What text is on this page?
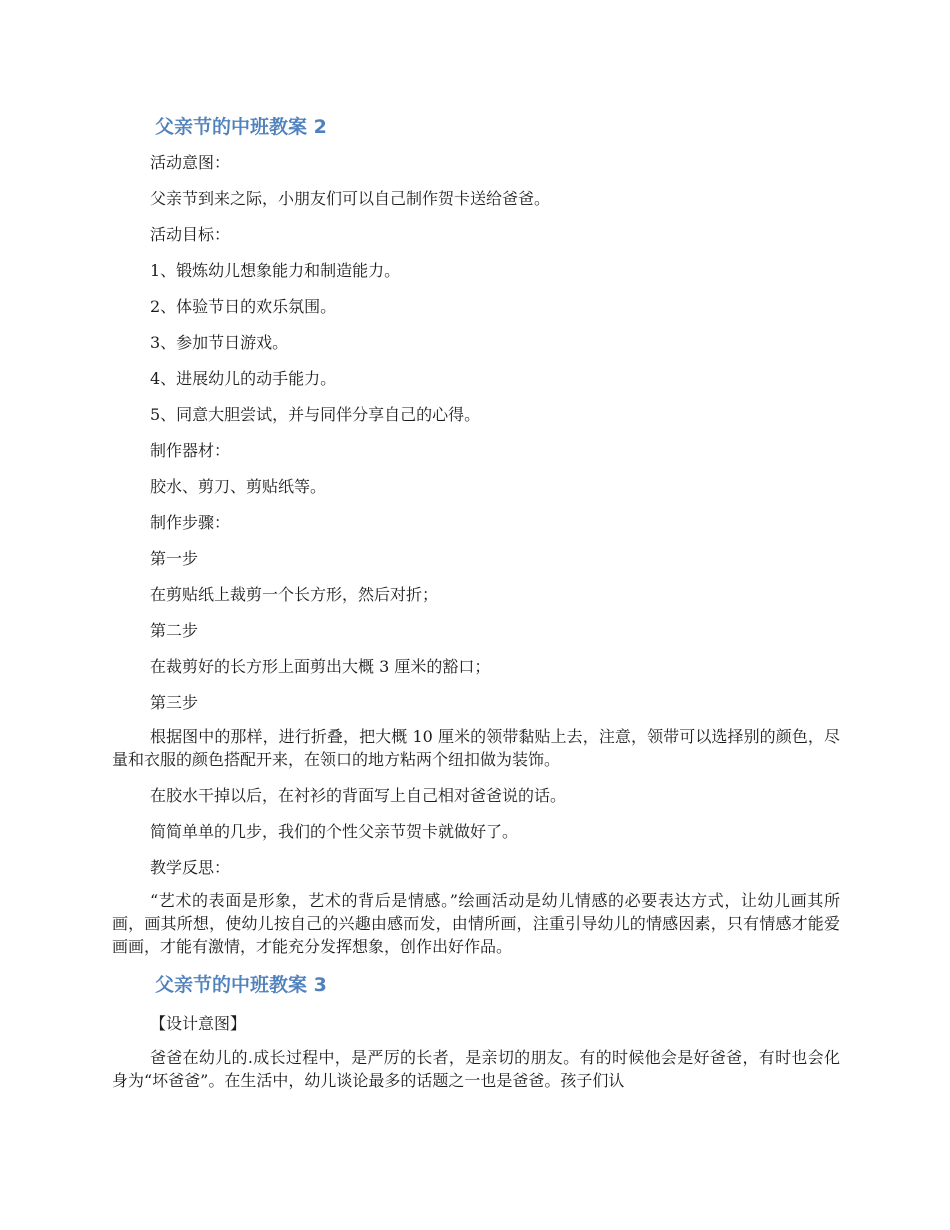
父亲节的中班教案 2
活动意图：
父亲节到来之际，小朋友们可以自己制作贺卡送给爸爸。
活动目标：
1、锻炼幼儿想象能力和制造能力。
2、体验节日的欢乐氛围。
3、参加节日游戏。
4、进展幼儿的动手能力。
5、同意大胆尝试，并与同伴分享自己的心得。
制作器材：
胶水、剪刀、剪贴纸等。
制作步骤：
第一步
在剪贴纸上裁剪一个长方形，然后对折；
第二步
在裁剪好的长方形上面剪出大概 3 厘米的豁口；
第三步
根据图中的那样，进行折叠，把大概 10 厘米的领带黏贴上去，注意，领带可以选择别的颜色，尽量和衣服的颜色搭配开来，在领口的地方粘两个纽扣做为装饰。
在胶水干掉以后，在衬衫的背面写上自己相对爸爸说的话。
简简单单的几步，我们的个性父亲节贺卡就做好了。
教学反思：
“艺术的表面是形象，艺术的背后是情感。”绘画活动是幼儿情感的必要表达方式，让幼儿画其所画，画其所想，使幼儿按自己的兴趣由感而发，由情所画，注重引导幼儿的情感因素，只有情感才能爱画画，才能有激情，才能充分发挥想象，创作出好作品。
父亲节的中班教案 3
【设计意图】
爸爸在幼儿的.成长过程中，是严厉的长者，是亲切的朋友。有的时候他会是好爸爸，有时也会化身为“坏爸爸”。在生活中，幼儿谈论最多的话题之一也是爸爸。孩子们认
